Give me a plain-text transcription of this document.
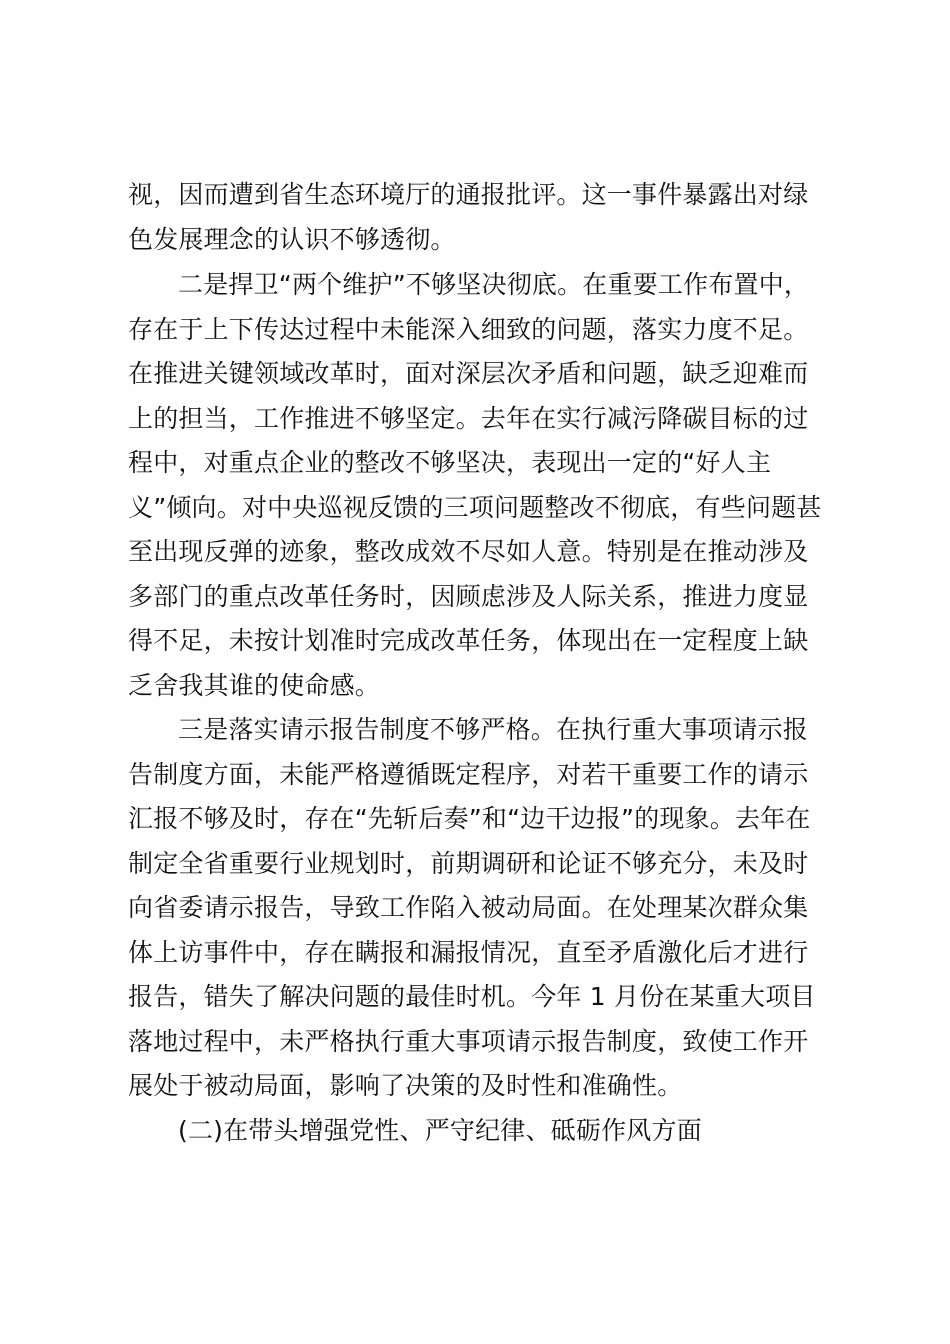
视，因而遭到省生态环境厅的通报批评。这一事件暴露出对绿
色发展理念的认识不够透彻。
二是捍卫“两个维护”不够坚决彻底。在重要工作布置中，
存在于上下传达过程中未能深入细致的问题，落实力度不足。
在推进关键领域改革时，面对深层次矛盾和问题，缺乏迎难而
上的担当，工作推进不够坚定。去年在实行减污降碳目标的过
程中，对重点企业的整改不够坚决，表现出一定的“好人主
义”倾向。对中央巡视反馈的三项问题整改不彻底，有些问题甚
至出现反弹的迹象，整改成效不尽如人意。特别是在推动涉及
多部门的重点改革任务时，因顾虑涉及人际关系，推进力度显
得不足，未按计划准时完成改革任务，体现出在一定程度上缺
乏舍我其谁的使命感。
三是落实请示报告制度不够严格。在执行重大事项请示报
告制度方面，未能严格遵循既定程序，对若干重要工作的请示
汇报不够及时，存在“先斩后奏”和“边干边报”的现象。去年在
制定全省重要行业规划时，前期调研和论证不够充分，未及时
向省委请示报告，导致工作陷入被动局面。在处理某次群众集
体上访事件中，存在瞒报和漏报情况，直至矛盾激化后才进行
报告，错失了解决问题的最佳时机。今年 1 月份在某重大项目
落地过程中，未严格执行重大事项请示报告制度，致使工作开
展处于被动局面，影响了决策的及时性和准确性。
(二)在带头增强党性、严守纪律、砥砺作风方面
